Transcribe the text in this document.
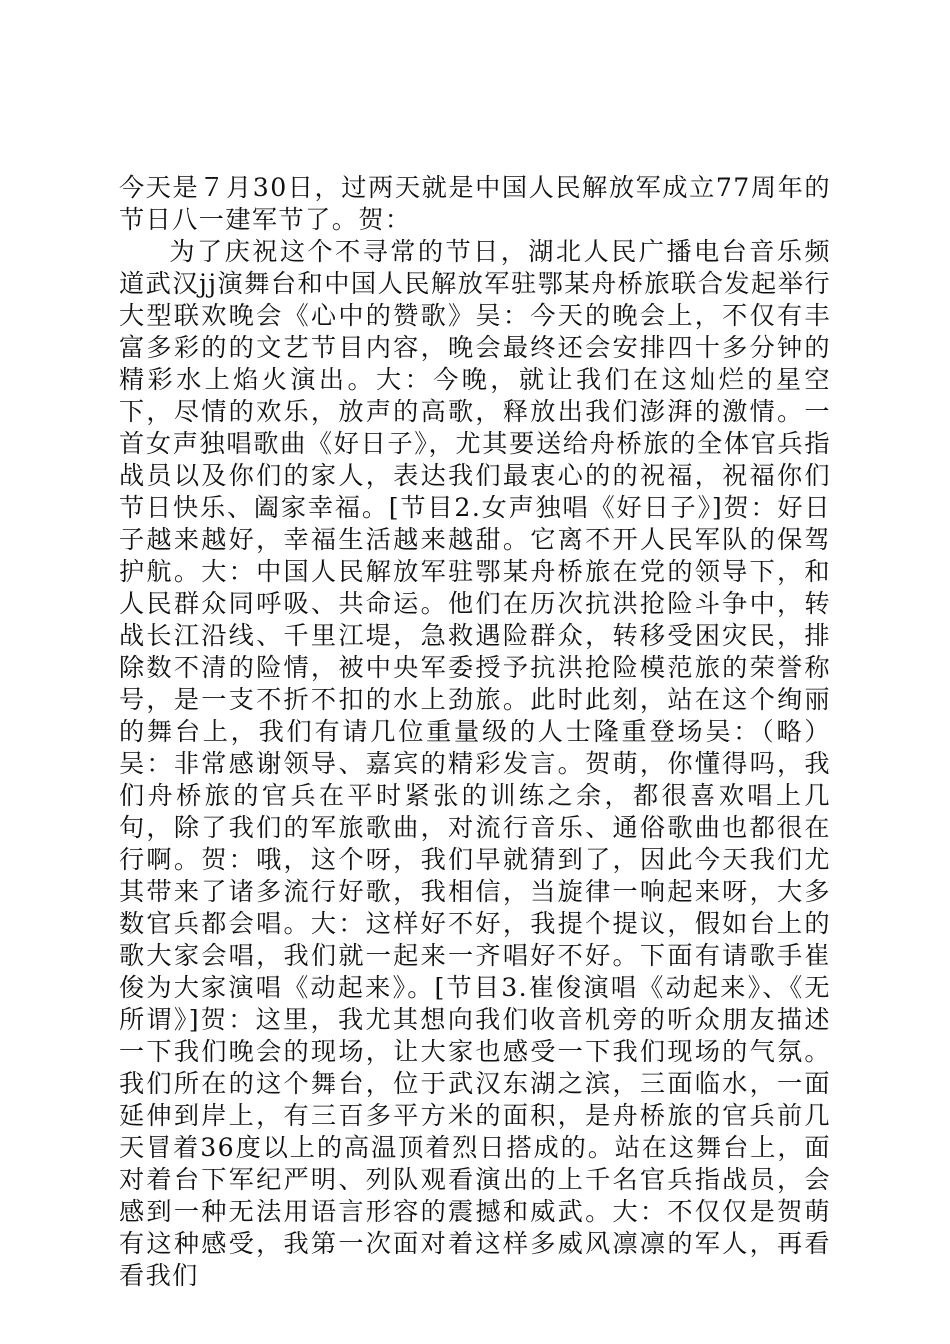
今天是７月30日，过两天就是中国人民解放军成立77周年的节日八一建军节了。贺：

为了庆祝这个不寻常的节日，湖北人民广播电台音乐频道武汉jj演舞台和中国人民解放军驻鄂某舟桥旅联合发起举行大型联欢晚会《心中的赞歌》吴：今天的晚会上，不仅有丰富多彩的的文艺节目内容，晚会最终还会安排四十多分钟的精彩水上焰火演出。大：今晚，就让我们在这灿烂的星空下，尽情的欢乐，放声的高歌，释放出我们澎湃的激情。一首女声独唱歌曲《好日子》，尤其要送给舟桥旅的全体官兵指战员以及你们的家人，表达我们最衷心的的祝福，祝福你们节日快乐、阖家幸福。[节目2.女声独唱《好日子》]贺：好日子越来越好，幸福生活越来越甜。它离不开人民军队的保驾护航。大：中国人民解放军驻鄂某舟桥旅在党的领导下，和人民群众同呼吸、共命运。他们在历次抗洪抢险斗争中，转战长江沿线、千里江堤，急救遇险群众，转移受困灾民，排除数不清的险情，被中央军委授予抗洪抢险模范旅的荣誉称号，是一支不折不扣的水上劲旅。此时此刻，站在这个绚丽的舞台上，我们有请几位重量级的人士隆重登场吴：（略）吴：非常感谢领导、嘉宾的精彩发言。贺萌，你懂得吗，我们舟桥旅的官兵在平时紧张的训练之余，都很喜欢唱上几句，除了我们的军旅歌曲，对流行音乐、通俗歌曲也都很在行啊。贺：哦，这个呀，我们早就猜到了，因此今天我们尤其带来了诸多流行好歌，我相信，当旋律一响起来呀，大多数官兵都会唱。大：这样好不好，我提个提议，假如台上的歌大家会唱，我们就一起来一齐唱好不好。下面有请歌手崔俊为大家演唱《动起来》。[节目3.崔俊演唱《动起来》、《无所谓》]贺：这里，我尤其想向我们收音机旁的听众朋友描述一下我们晚会的现场，让大家也感受一下我们现场的气氛。我们所在的这个舞台，位于武汉东湖之滨，三面临水，一面延伸到岸上，有三百多平方米的面积，是舟桥旅的官兵前几天冒着36度以上的高温顶着烈日搭成的。站在这舞台上，面对着台下军纪严明、列队观看演出的上千名官兵指战员，会感到一种无法用语言形容的震撼和威武。大：不仅仅是贺萌有这种感受，我第一次面对着这样多威风凛凛的军人，再看看我们
